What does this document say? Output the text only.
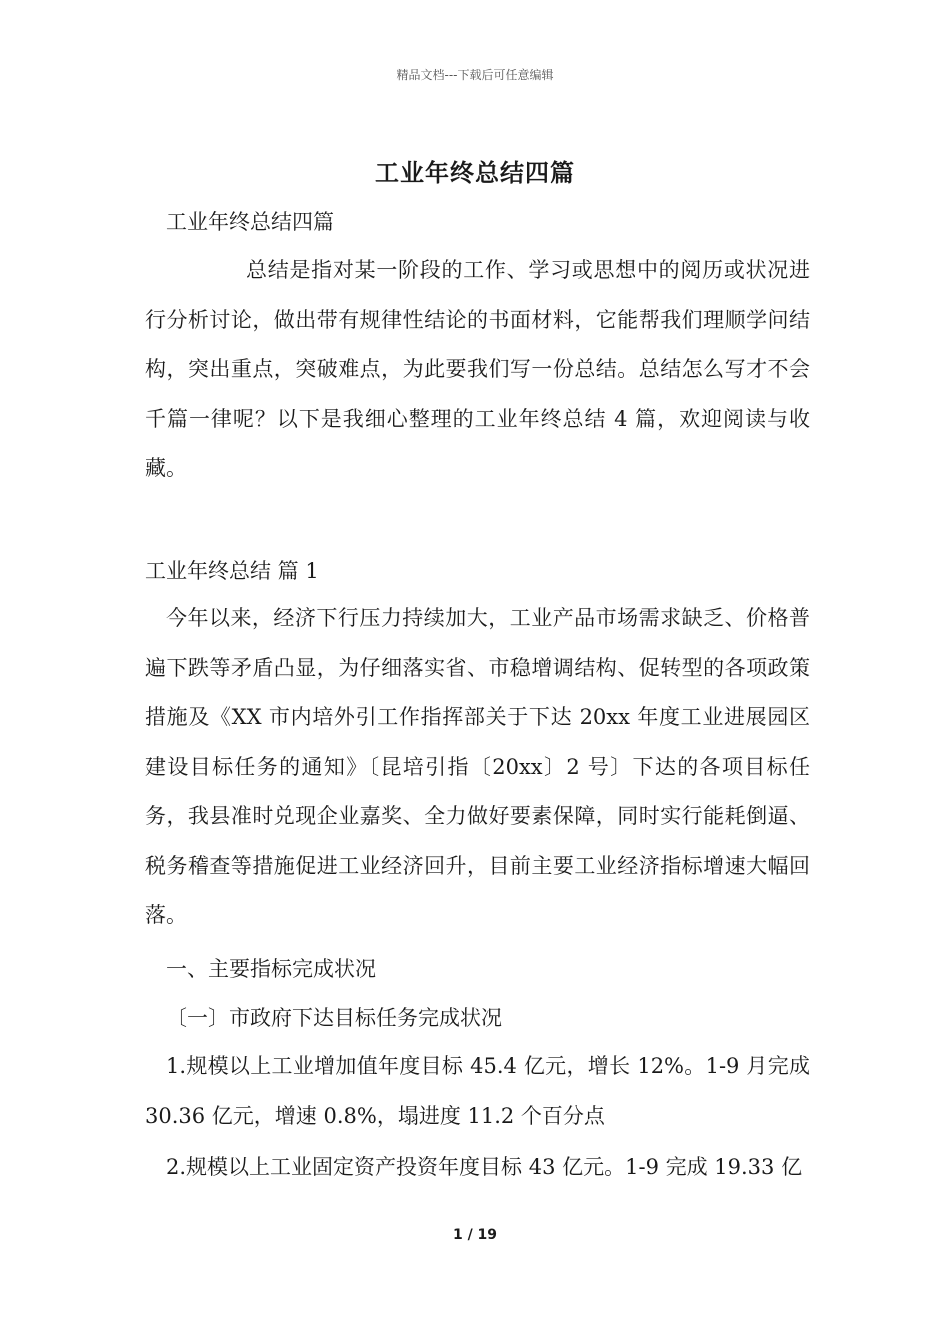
精品文档---下载后可任意编辑
工业年终总结四篇

工业年终总结四篇

总结是指对某一阶段的工作、学习或思想中的阅历或状况进行分析讨论，做出带有规律性结论的书面材料，它能帮我们理顺学问结构，突出重点，突破难点，为此要我们写一份总结。总结怎么写才不会千篇一律呢？以下是我细心整理的工业年终总结 4 篇，欢迎阅读与收藏。

工业年终总结 篇 1

今年以来，经济下行压力持续加大，工业产品市场需求缺乏、价格普遍下跌等矛盾凸显，为仔细落实省、市稳增调结构、促转型的各项政策措施及《XX 市内培外引工作指挥部关于下达 20xx 年度工业进展园区建设目标任务的通知》〔昆培引指〔20xx〕2 号〕下达的各项目标任务，我县准时兑现企业嘉奖、全力做好要素保障，同时实行能耗倒逼、税务稽查等措施促进工业经济回升，目前主要工业经济指标增速大幅回落。

一、主要指标完成状况

〔一〕市政府下达目标任务完成状况

1.规模以上工业增加值年度目标 45.4 亿元，增长 12%。1-9 月完成 30.36 亿元，增速 0.8%，塌进度 11.2 个百分点

2.规模以上工业固定资产投资年度目标 43 亿元。1-9 完成 19.33 亿

1 / 19
